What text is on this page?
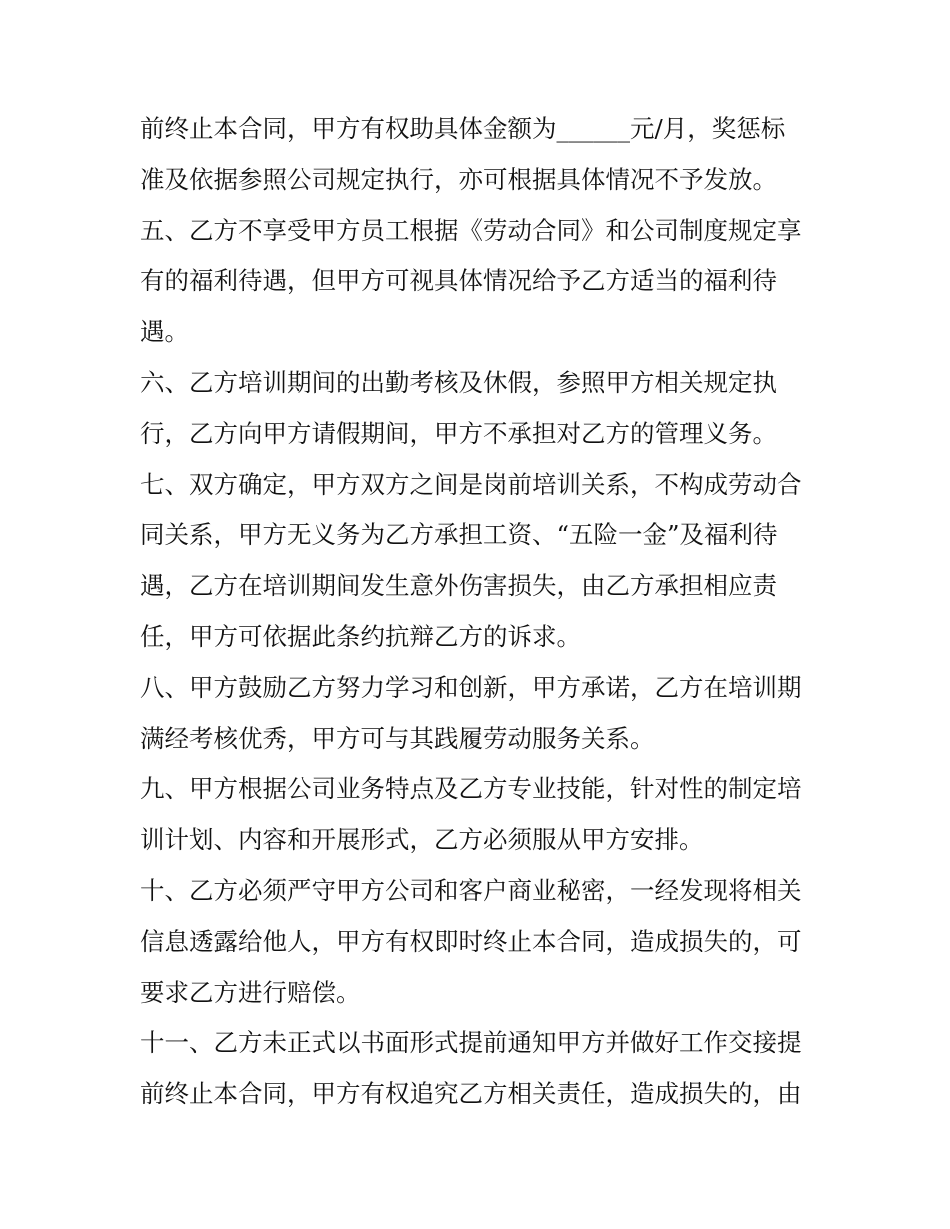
前终止本合同，甲方有权助具体金额为______元/月，奖惩标
准及依据参照公司规定执行，亦可根据具体情况不予发放。
五、乙方不享受甲方员工根据《劳动合同》和公司制度规定享
有的福利待遇，但甲方可视具体情况给予乙方适当的福利待
遇。
六、乙方培训期间的出勤考核及休假，参照甲方相关规定执
行，乙方向甲方请假期间，甲方不承担对乙方的管理义务。
七、双方确定，甲方双方之间是岗前培训关系，不构成劳动合
同关系，甲方无义务为乙方承担工资、“五险一金”及福利待
遇，乙方在培训期间发生意外伤害损失，由乙方承担相应责
任，甲方可依据此条约抗辩乙方的诉求。
八、甲方鼓励乙方努力学习和创新，甲方承诺，乙方在培训期
满经考核优秀，甲方可与其践履劳动服务关系。
九、甲方根据公司业务特点及乙方专业技能，针对性的制定培
训计划、内容和开展形式，乙方必须服从甲方安排。
十、乙方必须严守甲方公司和客户商业秘密，一经发现将相关
信息透露给他人，甲方有权即时终止本合同，造成损失的，可
要求乙方进行赔偿。
十一、乙方未正式以书面形式提前通知甲方并做好工作交接提
前终止本合同，甲方有权追究乙方相关责任，造成损失的，由
